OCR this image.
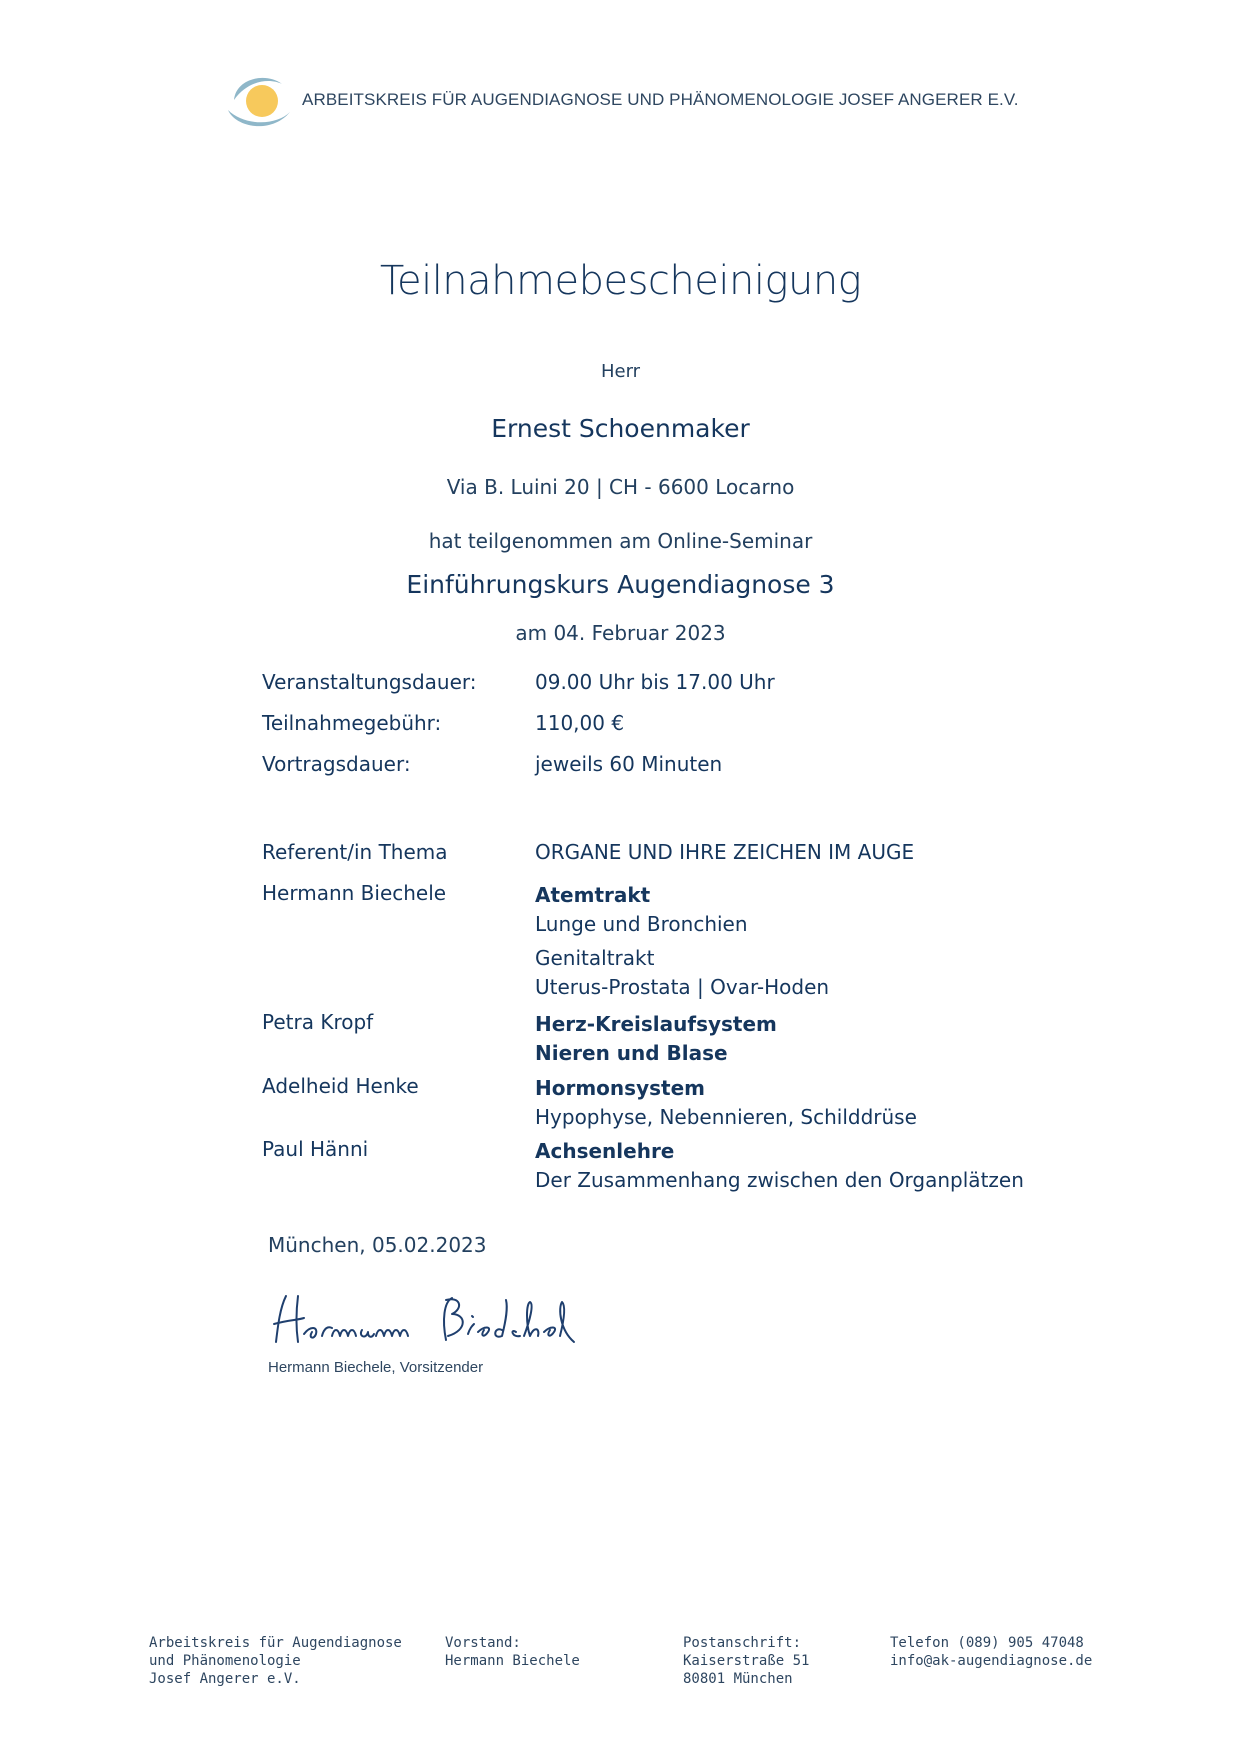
ARBEITSKREIS FÜR AUGENDIAGNOSE UND PHÄNOMENOLOGIE JOSEF ANGERER E.V.
Teilnahmebescheinigung
Herr
Ernest Schoenmaker
Via B. Luini 20 | CH - 6600 Locarno
hat teilgenommen am Online-Seminar
Einführungskurs Augendiagnose 3
am 04. Februar 2023
Veranstaltungsdauer:	09.00 Uhr bis 17.00 Uhr
Teilnahmegebühr:	110,00 €
Vortragsdauer:	jeweils 60 Minuten
Referent/in Thema	ORGANE UND IHRE ZEICHEN IM AUGE
Hermann Biechele	Atemtrakt
Lunge und Bronchien
Genitaltrakt
Uterus-Prostata | Ovar-Hoden
Petra Kropf	Herz-Kreislaufsystem
Nieren und Blase
Adelheid Henke	Hormonsystem
Hypophyse, Nebennieren, Schilddrüse
Paul Hänni	Achsenlehre
Der Zusammenhang zwischen den Organplätzen
München, 05.02.2023
Hermann Biechele, Vorsitzender
Arbeitskreis für Augendiagnose
und Phänomenologie
Josef Angerer e.V.
Vorstand:
Hermann Biechele
Postanschrift:
Kaiserstraße 51
80801 München
Telefon (089) 905 47048
info@ak-augendiagnose.de
